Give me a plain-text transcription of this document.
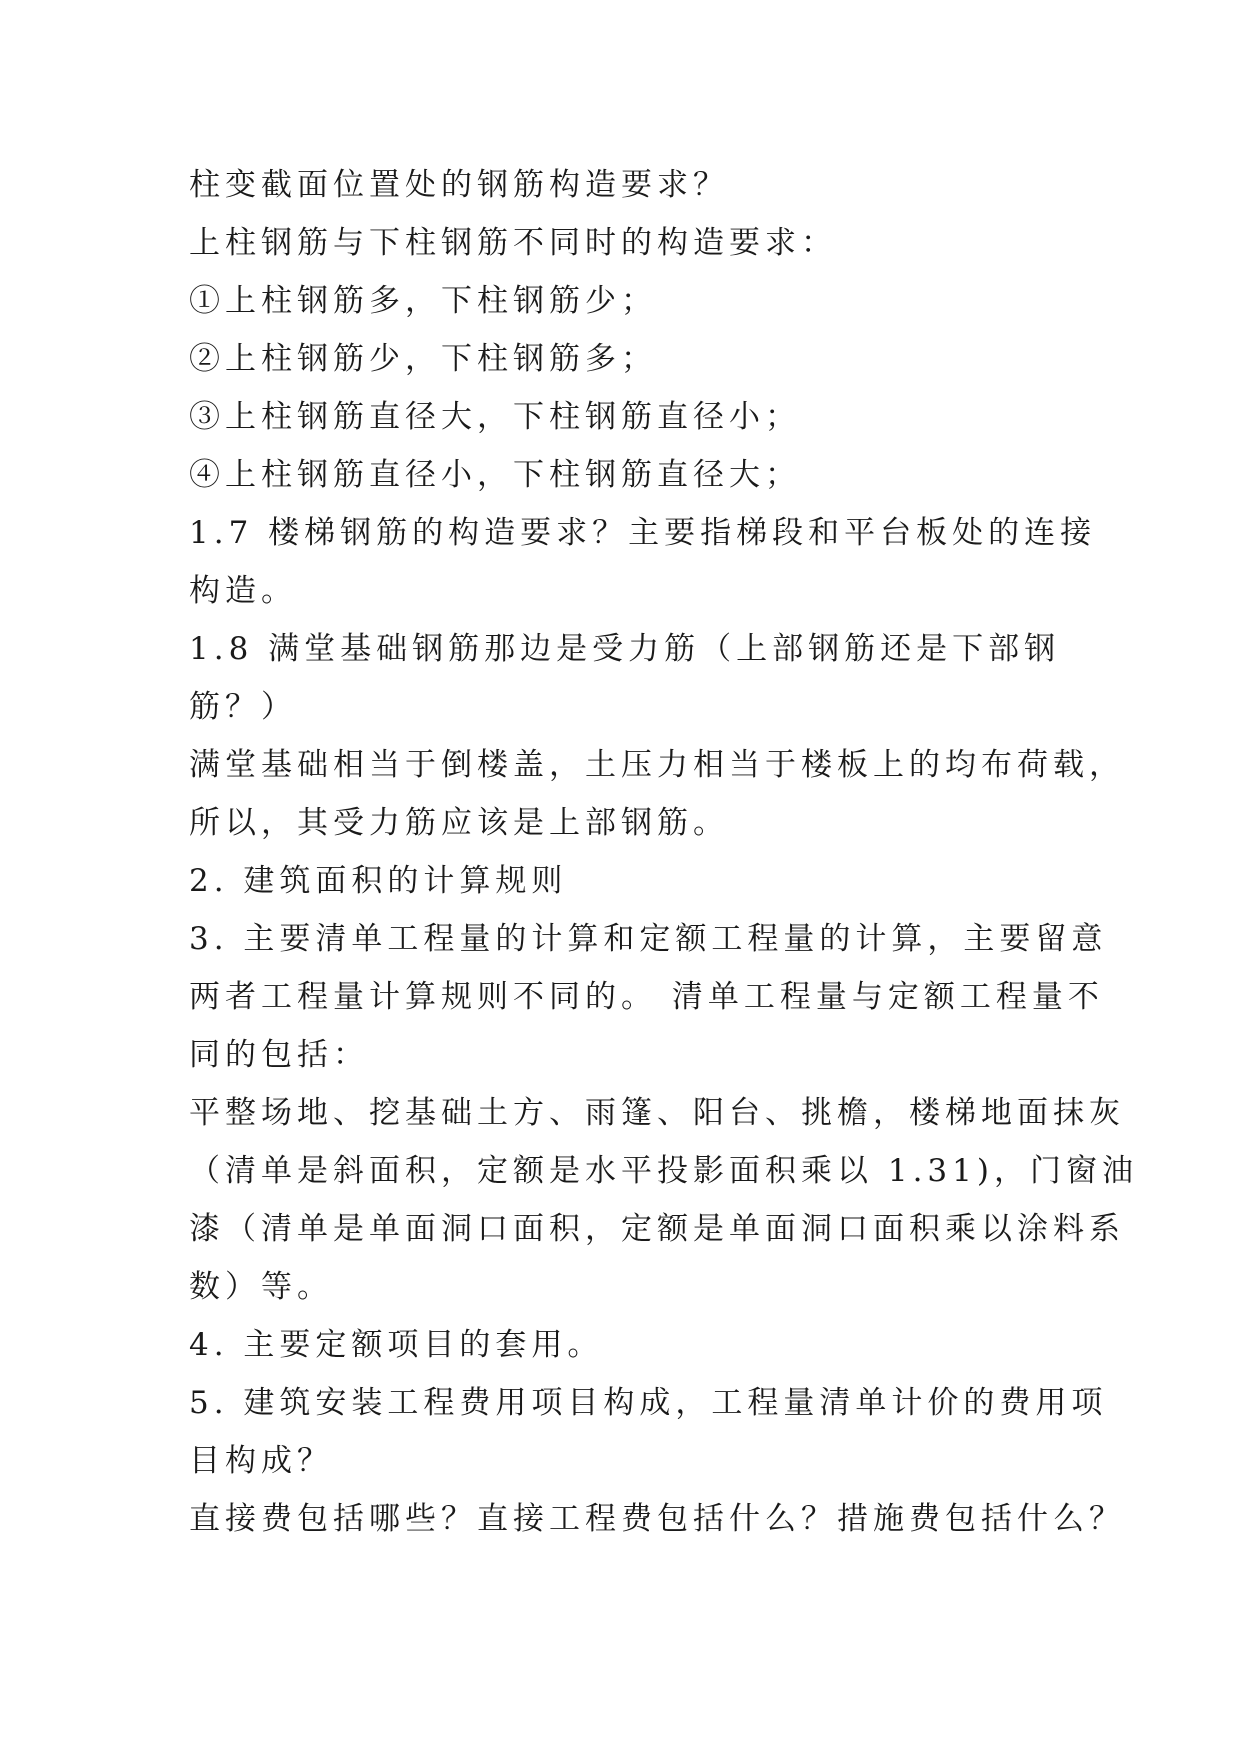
柱变截面位置处的钢筋构造要求？
上柱钢筋与下柱钢筋不同时的构造要求：
①上柱钢筋多，下柱钢筋少；
②上柱钢筋少，下柱钢筋多；
③上柱钢筋直径大，下柱钢筋直径小；
④上柱钢筋直径小，下柱钢筋直径大；
1.7 楼梯钢筋的构造要求？主要指梯段和平台板处的连接
构造。
1.8 满堂基础钢筋那边是受力筋（上部钢筋还是下部钢
筋？）
满堂基础相当于倒楼盖，土压力相当于楼板上的均布荷载，
所以，其受力筋应该是上部钢筋。
2. 建筑面积的计算规则
3. 主要清单工程量的计算和定额工程量的计算，主要留意
两者工程量计算规则不同的。 清单工程量与定额工程量不
同的包括：
平整场地、挖基础土方、雨篷、阳台、挑檐，楼梯地面抹灰
（清单是斜面积，定额是水平投影面积乘以 1.31)，门窗油
漆（清单是单面洞口面积，定额是单面洞口面积乘以涂料系
数）等。
4. 主要定额项目的套用。
5. 建筑安装工程费用项目构成，工程量清单计价的费用项
目构成？
直接费包括哪些？直接工程费包括什么？措施费包括什么？
